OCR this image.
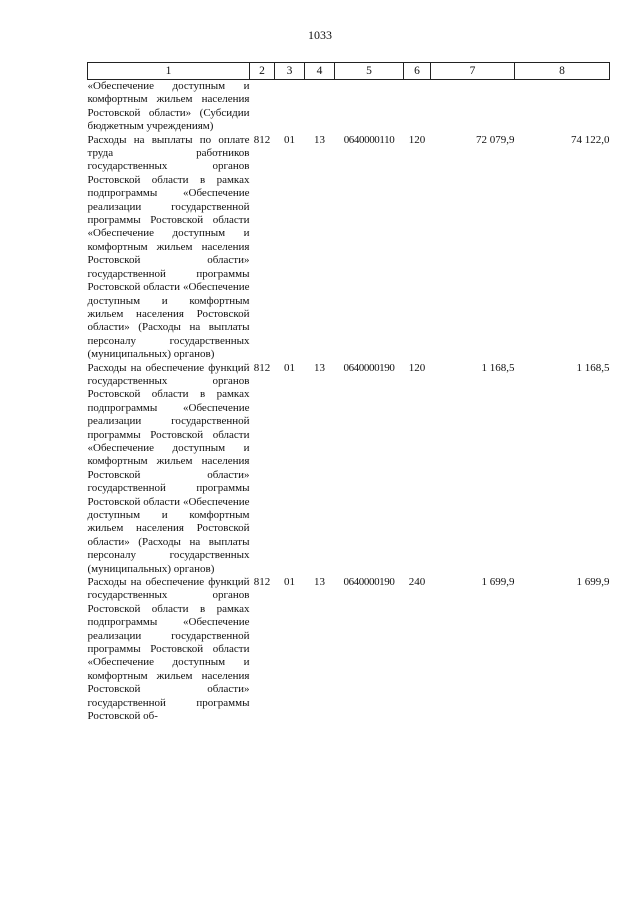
1033
1	2	3	4	5	6	7	8
«Обеспечение доступным и комфортным жильем населения Ростовской области» (Субсидии бюджетным учреждениям)							
Расходы на выплаты по оплате труда работников государственных органов Ростовской области в рамках подпрограммы «Обеспечение реализации государственной программы Ростовской области «Обеспечение доступным и комфортным жильем населения Ростовской области» государственной программы Ростовской области «Обеспечение доступным и комфортным жильем населения Ростовской области» (Расходы на выплаты персоналу государственных (муниципальных) органов)	812	01	13	0640000110	120	72 079,9	74 122,0
Расходы на обеспечение функций государственных органов Ростовской области в рамках подпрограммы «Обеспечение реализации государственной программы Ростовской области «Обеспечение доступным и комфортным жильем населения Ростовской области» государственной программы Ростовской области «Обеспечение доступным и комфортным жильем населения Ростовской области» (Расходы на выплаты персоналу государственных (муниципальных) органов)	812	01	13	0640000190	120	1 168,5	1 168,5
Расходы на обеспечение функций государственных органов Ростовской области в рамках подпрограммы «Обеспечение реализации государственной программы Ростовской области «Обеспечение доступным и комфортным жильем населения Ростовской области» государственной программы Ростовской об-	812	01	13	0640000190	240	1 699,9	1 699,9
